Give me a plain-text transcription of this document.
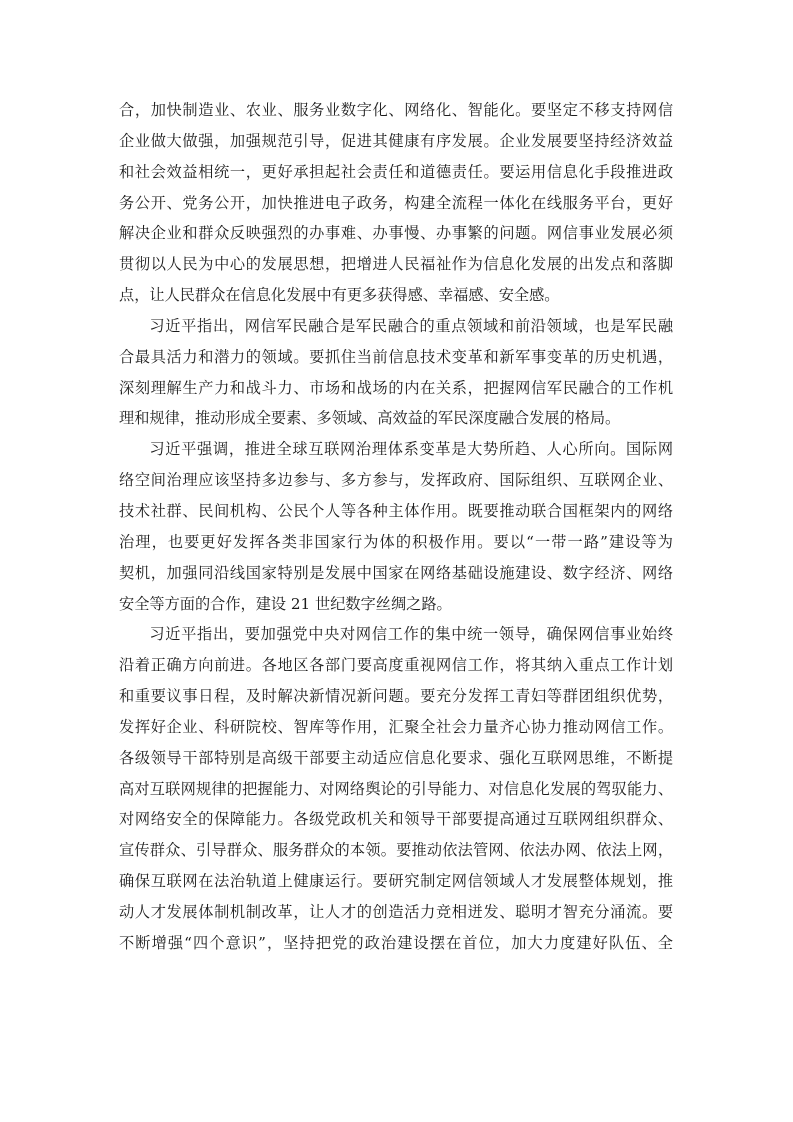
合，加快制造业、农业、服务业数字化、网络化、智能化。要坚定不移支持网信
企业做大做强，加强规范引导，促进其健康有序发展。企业发展要坚持经济效益
和社会效益相统一，更好承担起社会责任和道德责任。要运用信息化手段推进政
务公开、党务公开，加快推进电子政务，构建全流程一体化在线服务平台，更好
解决企业和群众反映强烈的办事难、办事慢、办事繁的问题。网信事业发展必须
贯彻以人民为中心的发展思想，把增进人民福祉作为信息化发展的出发点和落脚
点，让人民群众在信息化发展中有更多获得感、幸福感、安全感。
习近平指出，网信军民融合是军民融合的重点领域和前沿领域，也是军民融
合最具活力和潜力的领域。要抓住当前信息技术变革和新军事变革的历史机遇，
深刻理解生产力和战斗力、市场和战场的内在关系，把握网信军民融合的工作机
理和规律，推动形成全要素、多领域、高效益的军民深度融合发展的格局。
习近平强调，推进全球互联网治理体系变革是大势所趋、人心所向。国际网
络空间治理应该坚持多边参与、多方参与，发挥政府、国际组织、互联网企业、
技术社群、民间机构、公民个人等各种主体作用。既要推动联合国框架内的网络
治理，也要更好发挥各类非国家行为体的积极作用。要以“一带一路”建设等为
契机，加强同沿线国家特别是发展中国家在网络基础设施建设、数字经济、网络
安全等方面的合作，建设 21 世纪数字丝绸之路。
习近平指出，要加强党中央对网信工作的集中统一领导，确保网信事业始终
沿着正确方向前进。各地区各部门要高度重视网信工作，将其纳入重点工作计划
和重要议事日程，及时解决新情况新问题。要充分发挥工青妇等群团组织优势，
发挥好企业、科研院校、智库等作用，汇聚全社会力量齐心协力推动网信工作。
各级领导干部特别是高级干部要主动适应信息化要求、强化互联网思维，不断提
高对互联网规律的把握能力、对网络舆论的引导能力、对信息化发展的驾驭能力、
对网络安全的保障能力。各级党政机关和领导干部要提高通过互联网组织群众、
宣传群众、引导群众、服务群众的本领。要推动依法管网、依法办网、依法上网，
确保互联网在法治轨道上健康运行。要研究制定网信领域人才发展整体规划，推
动人才发展体制机制改革，让人才的创造活力竞相迸发、聪明才智充分涌流。要
不断增强“四个意识”，坚持把党的政治建设摆在首位，加大力度建好队伍、全
